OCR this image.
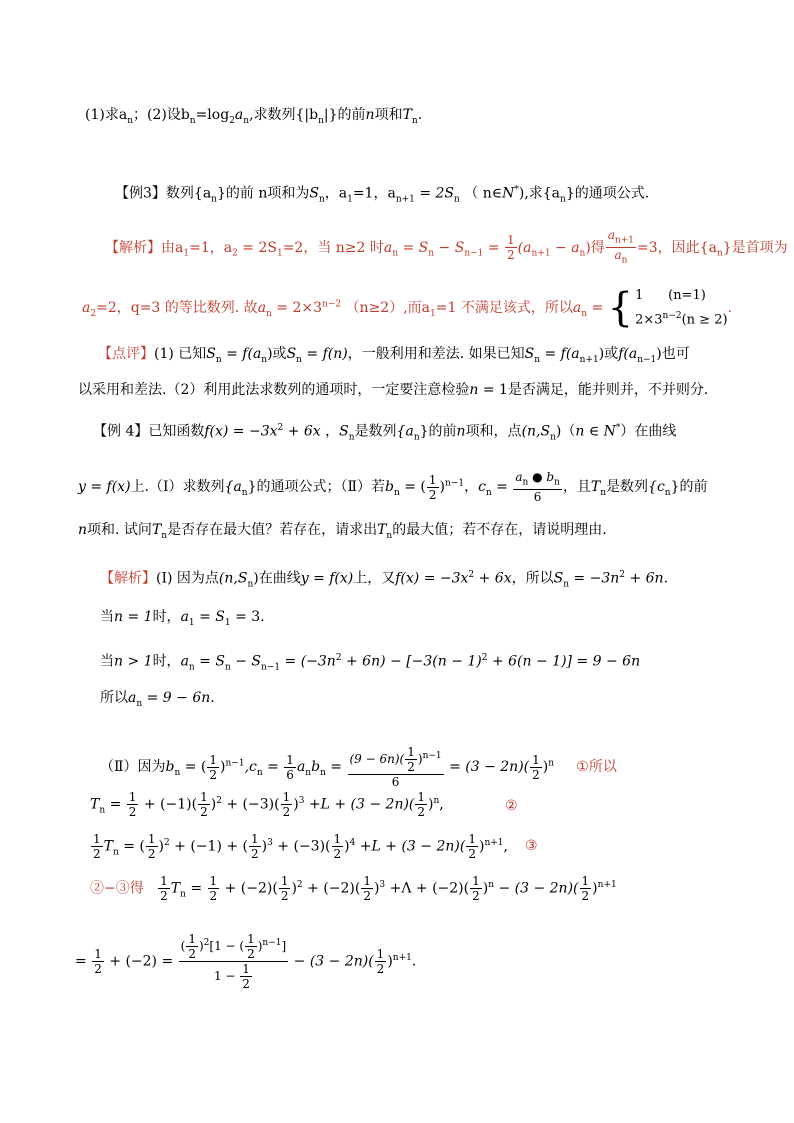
(1)求$a_n$；(2)设$b_n=\log_2a_n$,求数列$\{|b_n|\}$的前n项和$T_n$.
【例3】数列$\{a_n\}$的前 n项和为$S_n$，$a_1=1$，$a_{n+1} = 2S_n$ （ n∈N*),求$\{a_n\}$的通项公式.
【解析】由$a_1=1$，$a_2 = 2S_1=2$，当 n≥2 时$a_n = S_n - S_{n-1} = \frac{1}{2} (a_{n+1} - a_n)$得 $\frac{a_{n+1}}{a_n} =3$，因此$\{a_n\}$是首项为
$a_2=2$，q=3 的等比数列. 故$a_n = 2\times 3^{n-2}$ （n≥2）,而$a_1=1$ 不满足该式，所以$a_n$ = { 1 (n=1)
$2\times 3^{n-2}(n \ge 2)$
.
【点评】(1) 已知$S_n = f(a_n)$或$S_n = f(n)$，一般利用和差法. 如果已知$S_n = f(a_{n+1})$或$f(a_{n-1})$也可
以采用和差法.（2）利用此法求数列的通项时，一定要注意检验n = 1是否满足，能并则并，不并则分.
【例 4】已知函数$f(x) = -3x^2 + 6x$ ，$S_n$是数列$\{a_n\}$的前n项和，点$(n,S_n)(n$ ∈ N*）在曲线
y = f(x)上.（Ⅰ）求数列$\{a_n\}$的通项公式；（Ⅱ）若$b_n$ = ( $\frac{1}{2} )^{n-1}$，$c_n = \frac{a_n ● b_n}{6}$ ，且$T_n$是数列$\{c_n\}$的前
n项和. 试问$T_n$是否存在最大值？若存在，请求出$T_n$的最大值；若不存在，请说明理由.
【解析】(Ⅰ) 因为点$(n,S_n)$在曲线y = f(x)上，又$f(x) = -3x^2 + 6x$，所以$S_n = -3n^2 + 6n$.
当n = 1时，$a_1 = S_1 = 3$.
当n > 1时，$a_n = S_n - S_{n-1} = (-3n^2 + 6n) - [-3(n - 1)^2 + 6(n - 1)] = 9 - 6n$
所以$a_n = 9 - 6n$.
（Ⅱ）因为$b_n$ = ( $\frac{1}{2} )^{n-1},c_n = \frac{1}{6} a_nb_n = \frac{(9 - 6n)( \frac{1}{2} )^{n-1}}{6} = (3 - 2n)( \frac{1}{2} )^n$ ①所以
$T_n = \frac{1}{2} + (-1)( \frac{1}{2} )^2 + (-3)( \frac{1}{2} )^3 +L + (3 - 2n)( \frac{1}{2} )^n$,	②
$\frac{1}{2} T_n$ = ( $\frac{1}{2} )^2 + (-1)$ + ( $\frac{1}{2} )^3 + (-3)( \frac{1}{2} )^4 +L + (3 - 2n)( \frac{1}{2} )^{n+1}$, ③
②−③得 $\frac{1}{2} T_n = \frac{1}{2} + (-2)( \frac{1}{2} )^2 + (-2)( \frac{1}{2} )^3 +\Lambda + (-2)( \frac{1}{2} )^n - (3 - 2n)( \frac{1}{2} )^{n+1}$
= $\frac{1}{2} + (-2) = \frac{( \frac{1}{2} )^2[1 - ( \frac{1}{2} )^{n-1}]}{1 - \frac{1}{2}} - (3 - 2n)( \frac{1}{2} )^{n+1}$.
